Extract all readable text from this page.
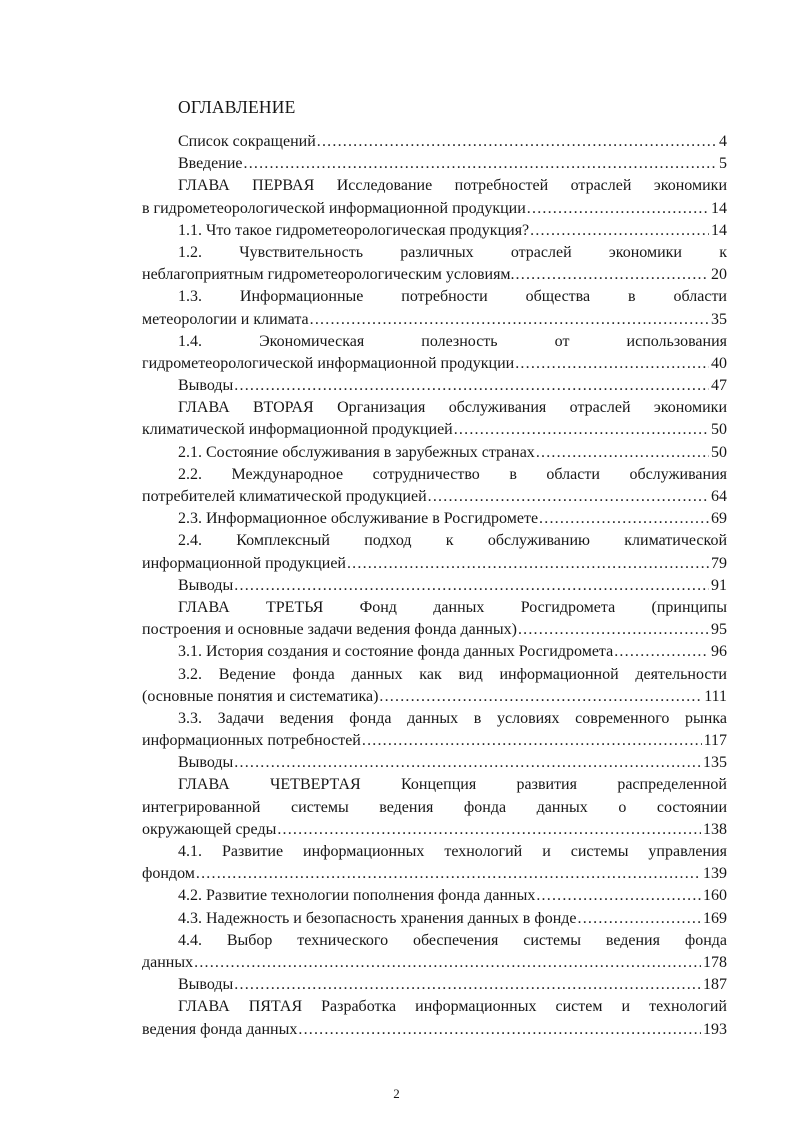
ОГЛАВЛЕНИЕ
Список сокращений .....	4
Введение .....	5
ГЛАВА ПЕРВАЯ Исследование потребностей отраслей экономики
в гидрометеорологической информационной продукции .....	14
1.1. Что такое гидрометеорологическая продукция? .....	14
1.2. Чувствительность различных отраслей экономики к
неблагоприятным гидрометеорологическим условиям. .....	20
1.3. Информационные потребности общества в области
метеорологии и климата .....	35
1.4. Экономическая полезность от использования
гидрометеорологической информационной продукции .....	40
Выводы .....	47
ГЛАВА ВТОРАЯ Организация обслуживания отраслей экономики
климатической информационной продукцией .....	50
2.1. Состояние обслуживания в зарубежных странах .....	50
2.2. Международное сотрудничество в области обслуживания
потребителей климатической продукцией .....	64
2.3. Информационное обслуживание в Росгидромете .....	69
2.4. Комплексный подход к обслуживанию климатической
информационной продукцией .....	79
Выводы .....	91
ГЛАВА ТРЕТЬЯ Фонд данных Росгидромета (принципы
построения и основные задачи ведения фонда данных) .....	95
3.1. История создания и состояние фонда данных Росгидромета .....	96
3.2. Ведение фонда данных как вид информационной деятельности
(основные понятия и систематика) .....	111
3.3. Задачи ведения фонда данных в условиях современного рынка
информационных потребностей .....	117
Выводы .....	135
ГЛАВА ЧЕТВЕРТАЯ Концепция развития распределенной
интегрированной системы ведения фонда данных о состоянии
окружающей среды .....	138
4.1. Развитие информационных технологий и системы управления
фондом .....	139
4.2. Развитие технологии пополнения фонда данных .....	160
4.3. Надежность и безопасность хранения данных в фонде .....	169
4.4. Выбор технического обеспечения системы ведения фонда
данных .....	178
Выводы .....	187
ГЛАВА ПЯТАЯ Разработка информационных систем и технологий
ведения фонда данных .....	193
2
